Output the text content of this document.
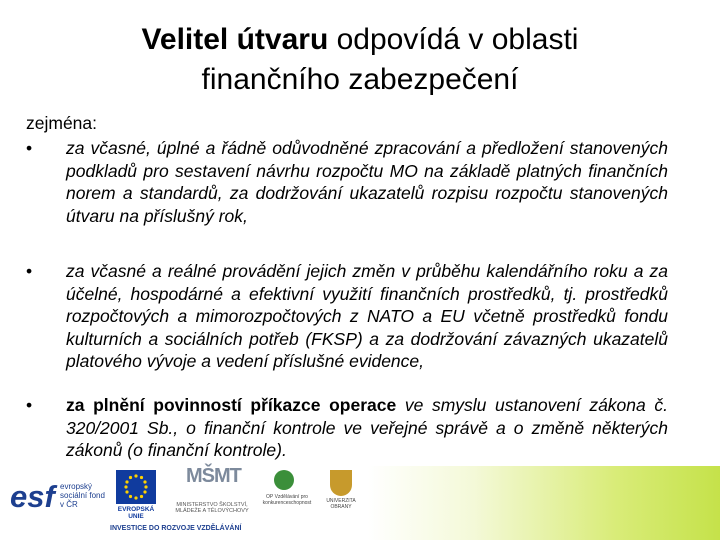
Velitel útvaru odpovídá v oblasti
finančního zabezpečení
zejména:
•	za včasné, úplné a řádně odůvodněné zpracování a předložení stanovených podkladů pro sestavení návrhu rozpočtu MO na základě platných finančních norem a standardů, za dodržování ukazatelů rozpisu rozpočtu stanovených útvaru na příslušný rok,
•	za včasné a reálné provádění jejich změn v průběhu kalendářního roku a za účelné, hospodárné a efektivní využití finančních prostředků, tj. prostředků rozpočtových a mimorozpočtových z NATO a EU včetně prostředků fondu kulturních a sociálních potřeb (FKSP) a za dodržování závazných ukazatelů platového vývoje a vedení příslušné evidence,
•	za plnění povinností příkazce operace ve smyslu ustanovení zákona č. 320/2001 Sb., o finanční kontrole ve veřejné správě a o změně některých zákonů (o finanční kontrole).
esf evropský sociální fond v ČR
EVROPSKÁ UNIE
MŠMT
MINISTERSTVO ŠKOLSTVÍ, MLÁDEŽE A TĚLOVÝCHOVY
OP Vzdělávání pro konkurenceschopnost	UNIVERZITA OBRANY
INVESTICE DO ROZVOJE VZDĚLÁVÁNÍ
